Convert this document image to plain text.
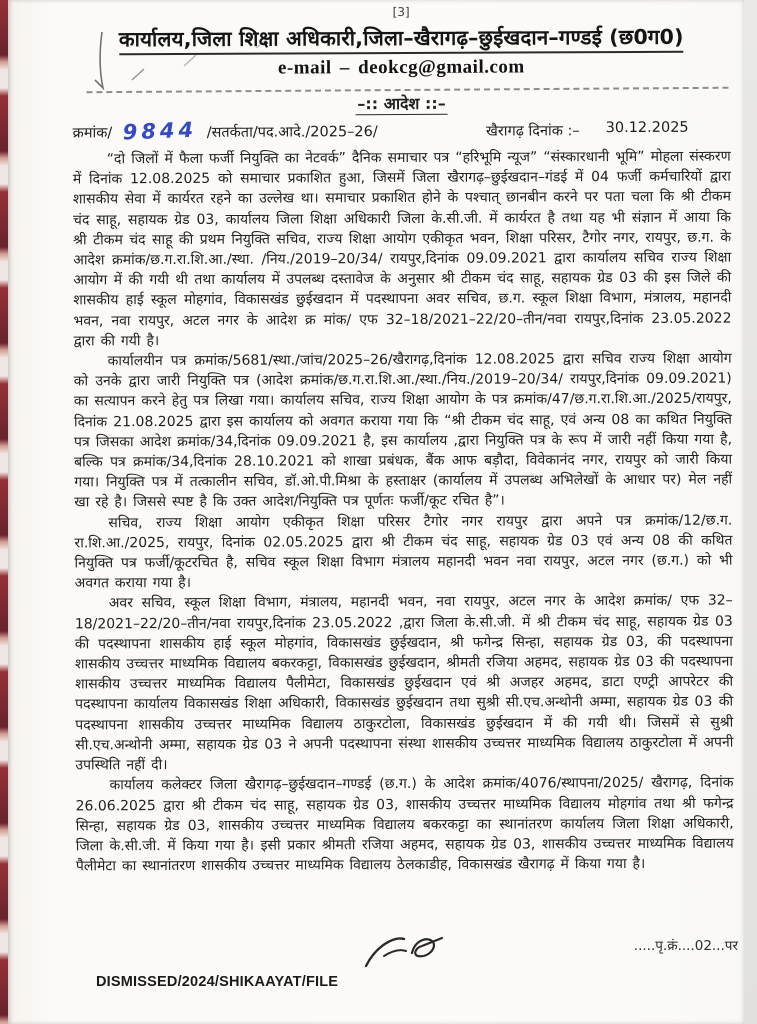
[3]
कार्यालय,जिला शिक्षा अधिकारी,जिला–खैरागढ़–छुईखदान–गण्डई (छ0ग0)
e-mail – deokcg@gmail.com
–:: आदेश ::–
क्रमांक/ 9844 /सतर्कता/पद.आदे./2025–26/	खैरागढ़ दिनांक :– 30.12.2025

“दो जिलों में फैला फर्जी नियुक्ति का नेटवर्क” दैनिक समाचार पत्र “हरिभूमि न्यूज” “संस्कारधानी भूमि” मोहला संस्करण में दिनांक 12.08.2025 को समाचार प्रकाशित हुआ, जिसमें जिला खैरागढ़–छुईखदान–गंडई में 04 फर्जी कर्मचारियों द्वारा शासकीय सेवा में कार्यरत रहने का उल्लेख था। समाचार प्रकाशित होने के पश्चात् छानबीन करने पर पता चला कि श्री टीकम चंद साहू, सहायक ग्रेड 03, कार्यालय जिला शिक्षा अधिकारी जिला के.सी.जी. में कार्यरत है तथा यह भी संज्ञान में आया कि श्री टीकम चंद साहू की प्रथम नियुक्ति सचिव, राज्य शिक्षा आयोग एकीकृत भवन, शिक्षा परिसर, टैगोर नगर, रायपुर, छ.ग. के आदेश क्रमांक/छ.ग.रा.शि.आ./स्था. /निय./2019–20/34/ रायपुर,दिनांक 09.09.2021 द्वारा कार्यालय सचिव राज्य शिक्षा आयोग में की गयी थी तथा कार्यालय में उपलब्ध दस्तावेज के अनुसार श्री टीकम चंद साहू, सहायक ग्रेड 03 की इस जिले की शासकीय हाई स्कूल मोहगांव, विकासखंड छुईखदान में पदस्थापना अवर सचिव, छ.ग. स्कूल शिक्षा विभाग, मंत्रालय, महानदी भवन, नवा रायपुर, अटल नगर के आदेश क्र मांक/ एफ 32–18/2021–22/20–तीन/नवा रायपुर,दिनांक 23.05.2022 द्वारा की गयी है।

कार्यालयीन पत्र क्रमांक/5681/स्था./जांच/2025–26/खैरागढ़,दिनांक 12.08.2025 द्वारा सचिव राज्य शिक्षा आयोग को उनके द्वारा जारी नियुक्ति पत्र (आदेश क्रमांक/छ.ग.रा.शि.आ./स्था./निय./2019–20/34/ रायपुर,दिनांक 09.09.2021) का सत्यापन करने हेतु पत्र लिखा गया। कार्यालय सचिव, राज्य शिक्षा आयोग के पत्र क्रमांक/47/छ.ग.रा.शि.आ./2025/रायपुर, दिनांक 21.08.2025 द्वारा इस कार्यालय को अवगत कराया गया कि “श्री टीकम चंद साहू, एवं अन्य 08 का कथित नियुक्ति पत्र जिसका आदेश क्रमांक/34,दिनांक 09.09.2021 है, इस कार्यालय ,द्वारा नियुक्ति पत्र के रूप में जारी नहीं किया गया है, बल्कि पत्र क्रमांक/34,दिनांक 28.10.2021 को शाखा प्रबंधक, बैंक आफ बड़ौदा, विवेकानंद नगर, रायपुर को जारी किया गया। नियुक्ति पत्र में तत्कालीन सचिव, डॉ.ओ.पी.मिश्रा के हस्ताक्षर (कार्यालय में उपलब्ध अभिलेखों के आधार पर) मेल नहीं खा रहे है। जिससे स्पष्ट है कि उक्त आदेश/नियुक्ति पत्र पूर्णतः फर्जी/कूट रचित है”।

सचिव, राज्य शिक्षा आयोग एकीकृत शिक्षा परिसर टैगोर नगर रायपुर द्वारा अपने पत्र क्रमांक/12/छ.ग. रा.शि.आ./2025, रायपुर, दिनांक 02.05.2025 द्वारा श्री टीकम चंद साहू, सहायक ग्रेड 03 एवं अन्य 08 की कथित नियुक्ति पत्र फर्जी/कूटरचित है, सचिव स्कूल शिक्षा विभाग मंत्रालय महानदी भवन नवा रायपुर, अटल नगर (छ.ग.) को भी अवगत कराया गया है।

अवर सचिव, स्कूल शिक्षा विभाग, मंत्रालय, महानदी भवन, नवा रायपुर, अटल नगर के आदेश क्रमांक/ एफ 32–18/2021–22/20–तीन/नवा रायपुर,दिनांक 23.05.2022 ,द्वारा जिला के.सी.जी. में श्री टीकम चंद साहू, सहायक ग्रेड 03 की पदस्थापना शासकीय हाई स्कूल मोहगांव, विकासखंड छुईखदान, श्री फगेन्द्र सिन्हा, सहायक ग्रेड 03, की पदस्थापना शासकीय उच्चत्तर माध्यमिक विद्यालय बकरकट्टा, विकासखंड छुईखदान, श्रीमती रजिया अहमद, सहायक ग्रेड 03 की पदस्थापना शासकीय उच्चत्तर माध्यमिक विद्यालय पैलीमेटा, विकासखंड छुईखदान एवं श्री अजहर अहमद, डाटा एण्ट्री आपरेटर की पदस्थापना कार्यालय विकासखंड शिक्षा अधिकारी, विकासखंड छुईखदान तथा सुश्री सी.एच.अन्थोनी अम्मा, सहायक ग्रेड 03 की पदस्थापना शासकीय उच्चत्तर माध्यमिक विद्यालय ठाकुरटोला, विकासखंड छुईखदान में की गयी थी। जिसमें से सुश्री सी.एच.अन्थोनी अम्मा, सहायक ग्रेड 03 ने अपनी पदस्थापना संस्था शासकीय उच्चत्तर माध्यमिक विद्यालय ठाकुरटोला में अपनी उपस्थिति नहीं दी।

कार्यालय कलेक्टर जिला खैरागढ़–छुईखदान–गण्डई (छ.ग.) के आदेश क्रमांक/4076/स्थापना/2025/ खैरागढ़, दिनांक 26.06.2025 द्वारा श्री टीकम चंद साहू, सहायक ग्रेड 03, शासकीय उच्चत्तर माध्यमिक विद्यालय मोहगांव तथा श्री फगेन्द्र सिन्हा, सहायक ग्रेड 03, शासकीय उच्चत्तर माध्यमिक विद्यालय बकरकट्टा का स्थानांतरण कार्यालय जिला शिक्षा अधिकारी, जिला के.सी.जी. में किया गया है। इसी प्रकार श्रीमती रजिया अहमद, सहायक ग्रेड 03, शासकीय उच्चत्तर माध्यमिक विद्यालय पैलीमेटा का स्थानांतरण शासकीय उच्चत्तर माध्यमिक विद्यालय ठेलकाडीह, विकासखंड खैरागढ़ में किया गया है।

.....पृ.क्रं....02...पर
DISMISSED/2024/SHIKAAYAT/FILE
